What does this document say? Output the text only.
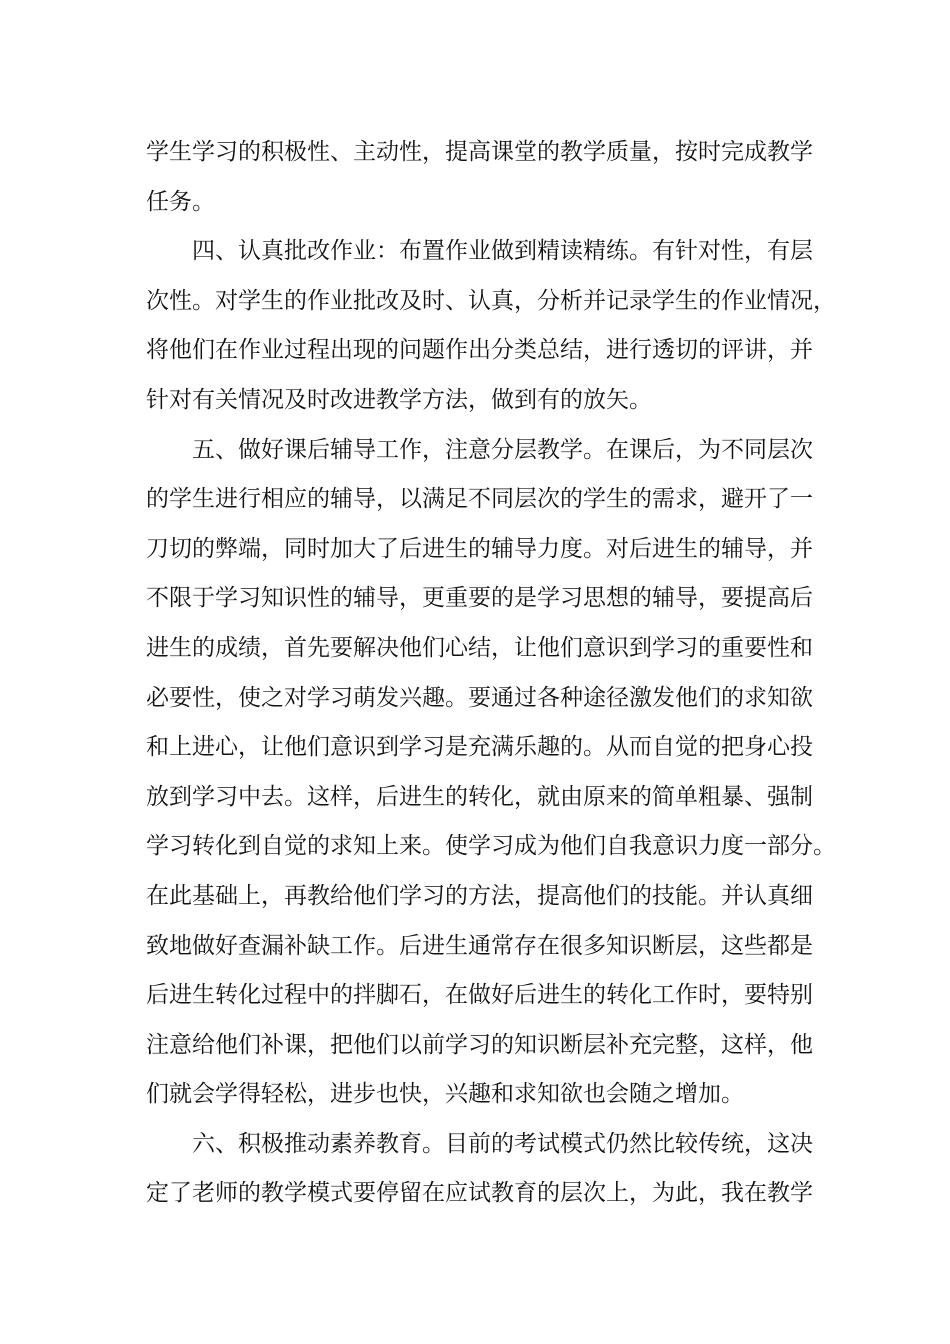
学生学习的积极性、主动性，提高课堂的教学质量，按时完成教学
任务。
四、认真批改作业：布置作业做到精读精练。有针对性，有层
次性。对学生的作业批改及时、认真，分析并记录学生的作业情况，
将他们在作业过程出现的问题作出分类总结，进行透切的评讲，并
针对有关情况及时改进教学方法，做到有的放矢。
五、做好课后辅导工作，注意分层教学。在课后，为不同层次
的学生进行相应的辅导，以满足不同层次的学生的需求，避开了一
刀切的弊端，同时加大了后进生的辅导力度。对后进生的辅导，并
不限于学习知识性的辅导，更重要的是学习思想的辅导，要提高后
进生的成绩，首先要解决他们心结，让他们意识到学习的重要性和
必要性，使之对学习萌发兴趣。要通过各种途径激发他们的求知欲
和上进心，让他们意识到学习是充满乐趣的。从而自觉的把身心投
放到学习中去。这样，后进生的转化，就由原来的简单粗暴、强制
学习转化到自觉的求知上来。使学习成为他们自我意识力度一部分。
在此基础上，再教给他们学习的方法，提高他们的技能。并认真细
致地做好查漏补缺工作。后进生通常存在很多知识断层，这些都是
后进生转化过程中的拌脚石，在做好后进生的转化工作时，要特别
注意给他们补课，把他们以前学习的知识断层补充完整，这样，他
们就会学得轻松，进步也快，兴趣和求知欲也会随之增加。
六、积极推动素养教育。目前的考试模式仍然比较传统，这决
定了老师的教学模式要停留在应试教育的层次上，为此，我在教学
